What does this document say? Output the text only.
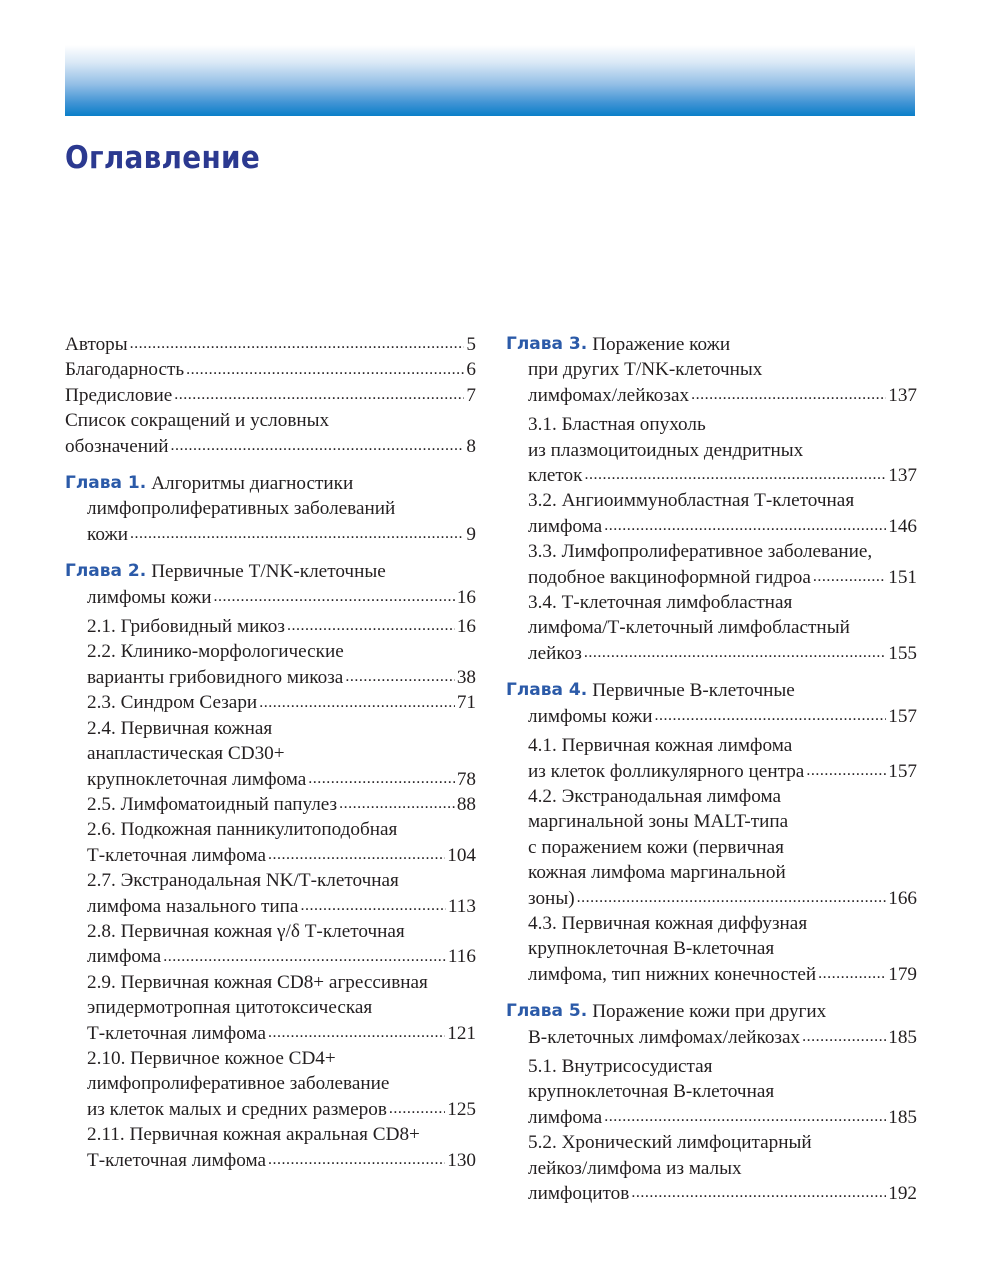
Оглавление
Авторы .....	5
Благодарность .....	6
Предисловие .....	7
Список сокращений и условных
обозначений .....	8
Глава 1. Алгоритмы диагностики
лимфопролиферативных заболеваний
кожи .....	9
Глава 2. Первичные T/NK-клеточные
лимфомы кожи .....	16
2.1. Грибовидный микоз .....	16
2.2. Клинико-морфологические
варианты грибовидного микоза .....	38
2.3. Синдром Сезари .....	71
2.4. Первичная кожная
анапластическая CD30+
крупноклеточная лимфома .....	78
2.5. Лимфоматоидный папулез .....	88
2.6. Подкожная панникулитоподобная
Т-клеточная лимфома .....	104
2.7. Экстранодальная NK/Т-клеточная
лимфома назального типа .....	113
2.8. Первичная кожная γ/δ Т-клеточная
лимфома .....	116
2.9. Первичная кожная CD8+ агрессивная
эпидермотропная цитотоксическая
Т-клеточная лимфома .....	121
2.10. Первичное кожное CD4+
лимфопролиферативное заболевание
из клеток малых и средних размеров .....	125
2.11. Первичная кожная акральная CD8+
Т-клеточная лимфома .....	130
Глава 3. Поражение кожи
при других T/NK-клеточных
лимфомах/лейкозах .....	137
3.1. Бластная опухоль
из плазмоцитоидных дендритных
клеток .....	137
3.2. Ангиоиммунобластная Т-клеточная
лимфома .....	146
3.3. Лимфопролиферативное заболевание,
подобное вакциноформной гидроа .....	151
3.4. Т-клеточная лимфобластная
лимфома/Т-клеточный лимфобластный
лейкоз .....	155
Глава 4. Первичные В-клеточные
лимфомы кожи .....	157
4.1. Первичная кожная лимфома
из клеток фолликулярного центра .....	157
4.2. Экстранодальная лимфома
маргинальной зоны MALT-типа
с поражением кожи (первичная
кожная лимфома маргинальной
зоны) .....	166
4.3. Первичная кожная диффузная
крупноклеточная В-клеточная
лимфома, тип нижних конечностей .....	179
Глава 5. Поражение кожи при других
В-клеточных лимфомах/лейкозах .....	185
5.1. Внутрисосудистая
крупноклеточная В-клеточная
лимфома .....	185
5.2. Хронический лимфоцитарный
лейкоз/лимфома из малых
лимфоцитов .....	192
